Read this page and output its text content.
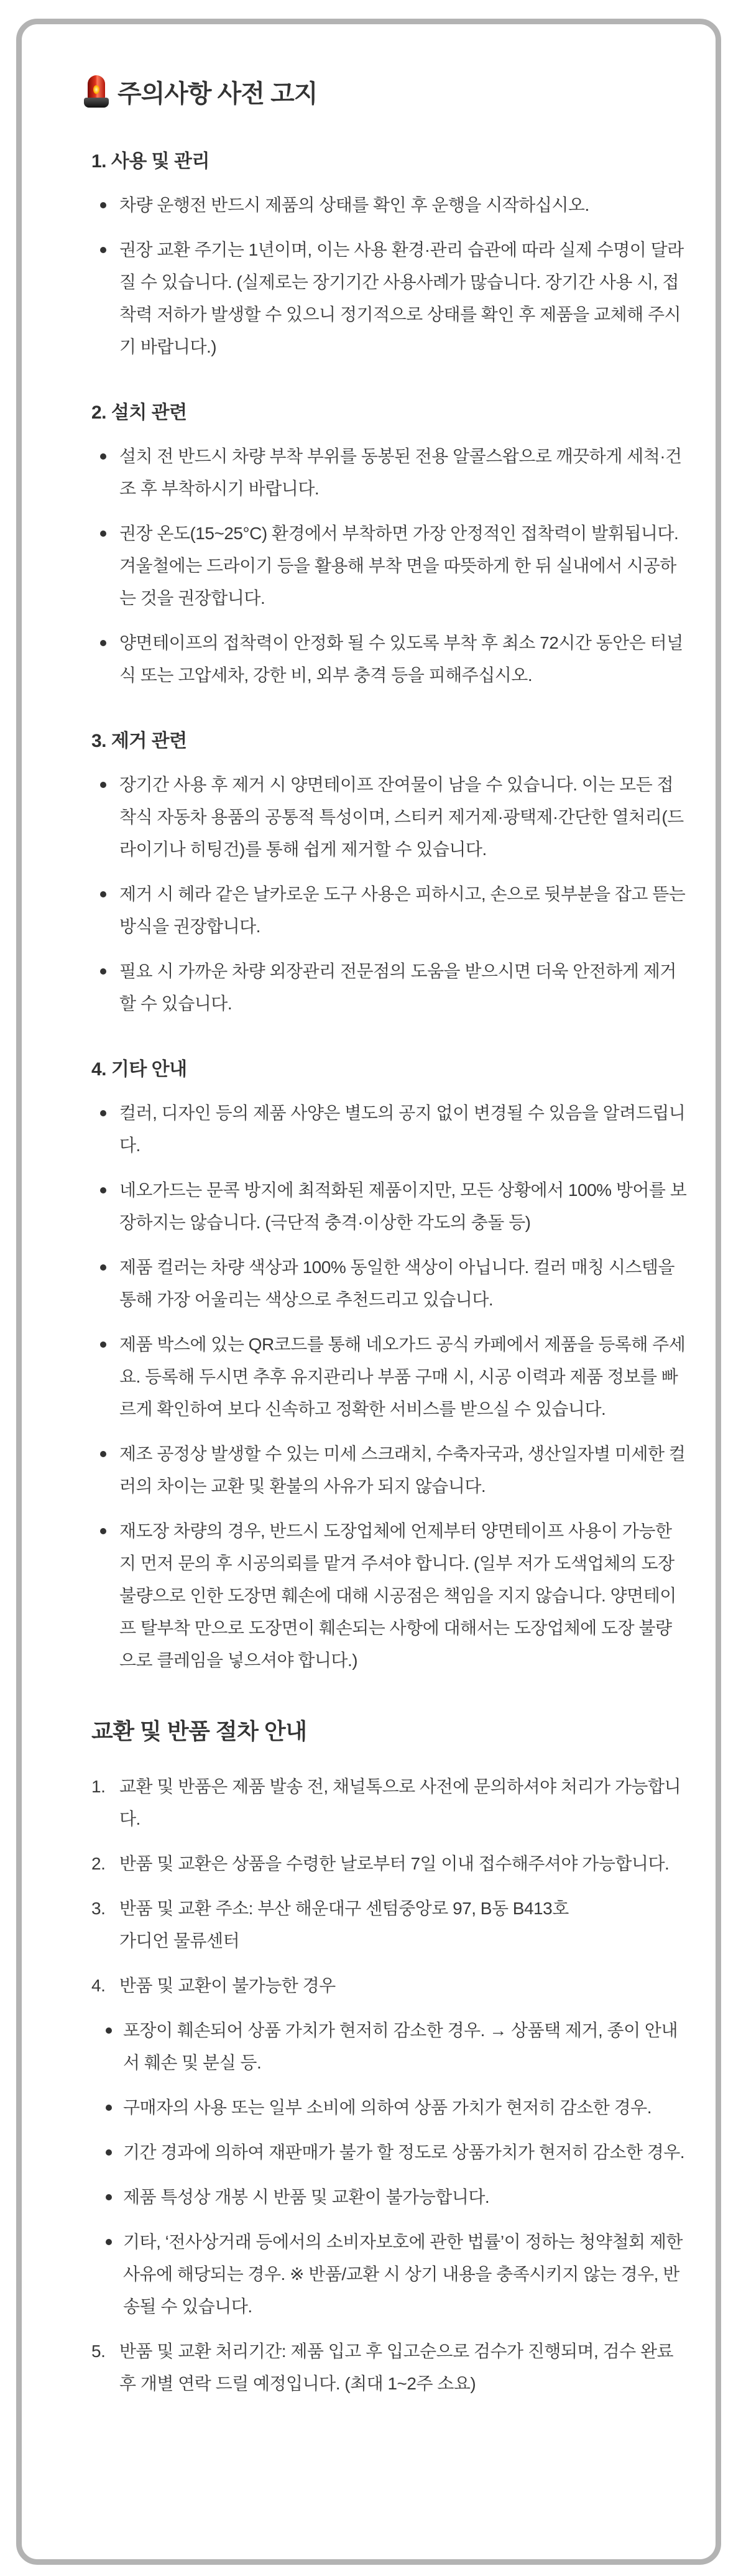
주의사항 사전 고지
1. 사용 및 관리
차량 운행전 반드시 제품의 상태를 확인 후 운행을 시작하십시오.
권장 교환 주기는 1년이며, 이는 사용 환경·관리 습관에 따라 실제 수명이 달라질 수 있습니다. (실제로는 장기기간 사용사례가 많습니다. 장기간 사용 시, 접착력 저하가 발생할 수 있으니 정기적으로 상태를 확인 후 제품을 교체해 주시기 바랍니다.)
2. 설치 관련
설치 전 반드시 차량 부착 부위를 동봉된 전용 알콜스왑으로 깨끗하게 세척·건조 후 부착하시기 바랍니다.
권장 온도(15~25°C) 환경에서 부착하면 가장 안정적인 접착력이 발휘됩니다. 겨울철에는 드라이기 등을 활용해 부착 면을 따뜻하게 한 뒤 실내에서 시공하는 것을 권장합니다.
양면테이프의 접착력이 안정화 될 수 있도록 부착 후 최소 72시간 동안은 터널식 또는 고압세차, 강한 비, 외부 충격 등을 피해주십시오.
3. 제거 관련
장기간 사용 후 제거 시 양면테이프 잔여물이 남을 수 있습니다. 이는 모든 접착식 자동차 용품의 공통적 특성이며, 스티커 제거제·광택제·간단한 열처리(드라이기나 히팅건)를 통해 쉽게 제거할 수 있습니다.
제거 시 헤라 같은 날카로운 도구 사용은 피하시고, 손으로 뒷부분을 잡고 뜯는 방식을 권장합니다.
필요 시 가까운 차량 외장관리 전문점의 도움을 받으시면 더욱 안전하게 제거할 수 있습니다.
4. 기타 안내
컬러, 디자인 등의 제품 사양은 별도의 공지 없이 변경될 수 있음을 알려드립니다.
네오가드는 문콕 방지에 최적화된 제품이지만, 모든 상황에서 100% 방어를 보장하지는 않습니다. (극단적 충격·이상한 각도의 충돌 등)
제품 컬러는 차량 색상과 100% 동일한 색상이 아닙니다. 컬러 매칭 시스템을 통해 가장 어울리는 색상으로 추천드리고 있습니다.
제품 박스에 있는 QR코드를 통해 네오가드 공식 카페에서 제품을 등록해 주세요. 등록해 두시면 추후 유지관리나 부품 구매 시, 시공 이력과 제품 정보를 빠르게 확인하여 보다 신속하고 정확한 서비스를 받으실 수 있습니다.
제조 공정상 발생할 수 있는 미세 스크래치, 수축자국과, 생산일자별 미세한 컬러의 차이는 교환 및 환불의 사유가 되지 않습니다.
재도장 차량의 경우, 반드시 도장업체에 언제부터 양면테이프 사용이 가능한지 먼저 문의 후 시공의뢰를 맡겨 주셔야 합니다. (일부 저가 도색업체의 도장 불량으로 인한 도장면 훼손에 대해 시공점은 책임을 지지 않습니다. 양면테이프 탈부착 만으로 도장면이 훼손되는 사항에 대해서는 도장업체에 도장 불량으로 클레임을 넣으셔야 합니다.)
교환 및 반품 절차 안내
1. 교환 및 반품은 제품 발송 전, 채널톡으로 사전에 문의하셔야 처리가 가능합니다.
2. 반품 및 교환은 상품을 수령한 날로부터 7일 이내 접수해주셔야 가능합니다.
3. 반품 및 교환 주소: 부산 해운대구 센텀중앙로 97, B동 B413호
가디언 물류센터
4. 반품 및 교환이 불가능한 경우
포장이 훼손되어 상품 가치가 현저히 감소한 경우. → 상품택 제거, 종이 안내서 훼손 및 분실 등.
구매자의 사용 또는 일부 소비에 의하여 상품 가치가 현저히 감소한 경우.
기간 경과에 의하여 재판매가 불가 할 정도로 상품가치가 현저히 감소한 경우.
제품 특성상 개봉 시 반품 및 교환이 불가능합니다.
기타, ‘전사상거래 등에서의 소비자보호에 관한 법률’이 정하는 청약철회 제한사유에 해당되는 경우. ※ 반품/교환 시 상기 내용을 충족시키지 않는 경우, 반송될 수 있습니다.
5. 반품 및 교환 처리기간: 제품 입고 후 입고순으로 검수가 진행되며, 검수 완료 후 개별 연락 드릴 예정입니다. (최대 1~2주 소요)
